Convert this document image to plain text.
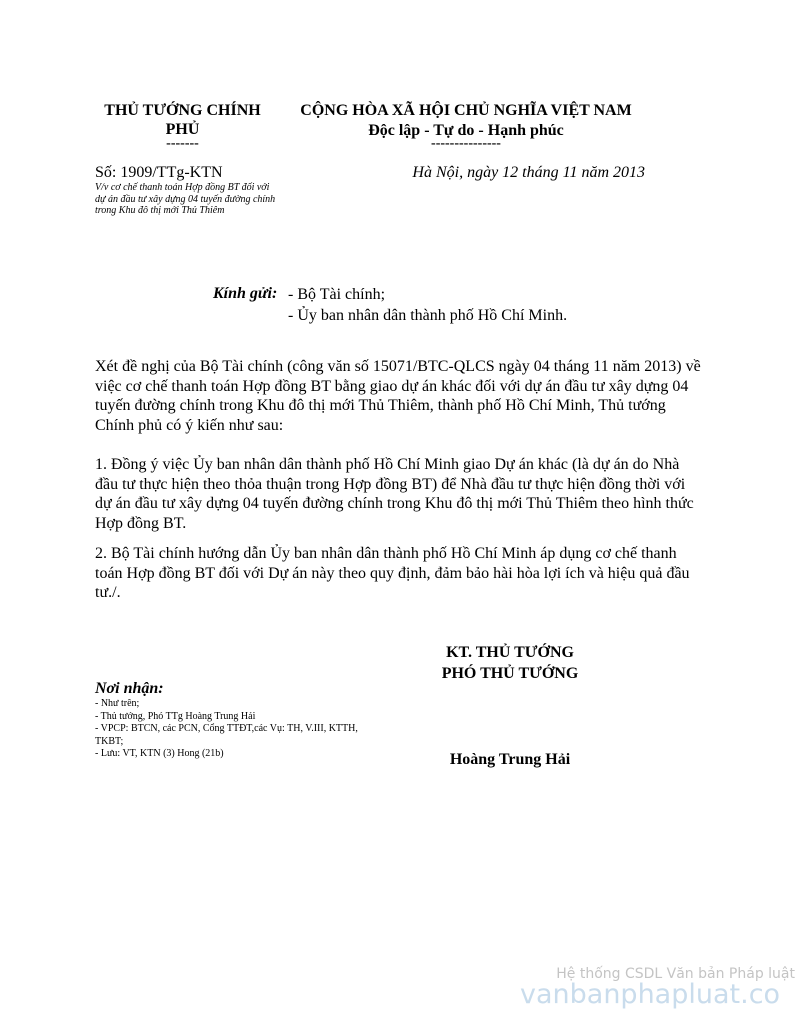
THỦ TƯỚNG CHÍNH PHỦ
-------
CỘNG HÒA XÃ HỘI CHỦ NGHĨA VIỆT NAM
Độc lập - Tự do - Hạnh phúc
---------------
Số: 1909/TTg-KTN
V/v cơ chế thanh toán Hợp đồng BT đối với dự án đầu tư xây dựng 04 tuyến đường chính trong Khu đô thị mới Thủ Thiêm
Hà Nội, ngày 12 tháng 11 năm 2013
Kính gửi: - Bộ Tài chính;
- Ủy ban nhân dân thành phố Hồ Chí Minh.
Xét đề nghị của Bộ Tài chính (công văn số 15071/BTC-QLCS ngày 04 tháng 11 năm 2013) về việc cơ chế thanh toán Hợp đồng BT bằng giao dự án khác đối với dự án đầu tư xây dựng 04 tuyến đường chính trong Khu đô thị mới Thủ Thiêm, thành phố Hồ Chí Minh, Thủ tướng Chính phủ có ý kiến như sau:
1. Đồng ý việc Ủy ban nhân dân thành phố Hồ Chí Minh giao Dự án khác (là dự án do Nhà đầu tư thực hiện theo thỏa thuận trong Hợp đồng BT) để Nhà đầu tư thực hiện đồng thời với dự án đầu tư xây dựng 04 tuyến đường chính trong Khu đô thị mới Thủ Thiêm theo hình thức Hợp đồng BT.
2. Bộ Tài chính hướng dẫn Ủy ban nhân dân thành phố Hồ Chí Minh áp dụng cơ chế thanh toán Hợp đồng BT đối với Dự án này theo quy định, đảm bảo hài hòa lợi ích và hiệu quả đầu tư./.
KT. THỦ TƯỚNG
PHÓ THỦ TƯỚNG
Hoàng Trung Hải
Nơi nhận:
- Như trên;
- Thủ tướng, Phó TTg Hoàng Trung Hải
- VPCP: BTCN, các PCN, Cổng TTĐT,các Vụ: TH, V.III, KTTH, TKBT;
- Lưu: VT, KTN (3) Hong (21b)
Hệ thống CSDL Văn bản Pháp luật
vanbanphapluat.co
